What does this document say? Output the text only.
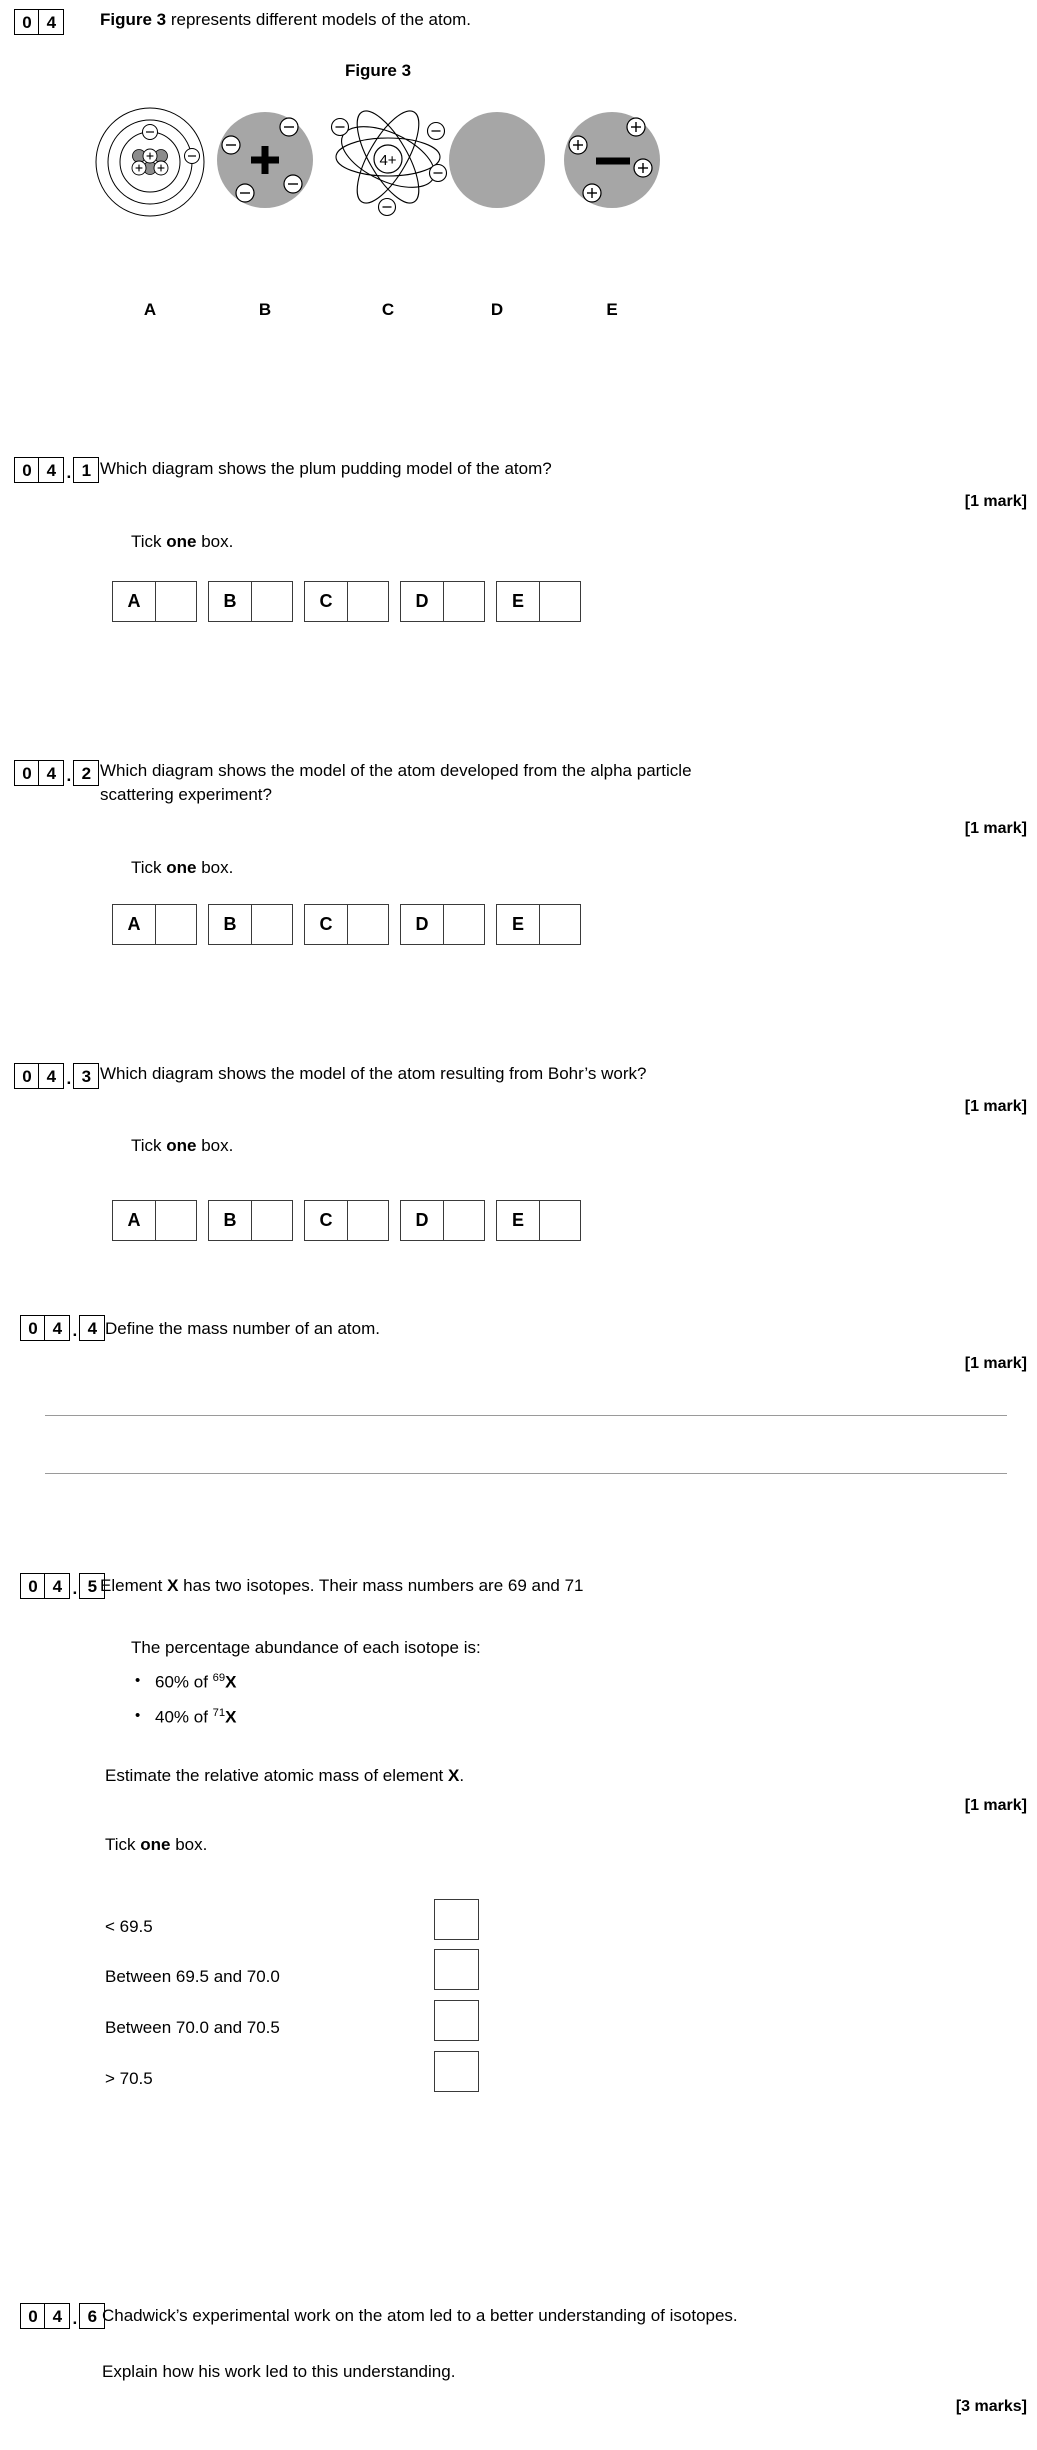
0 4	Figure 3 represents different models of the atom.
Figure 3
A	B
4+
C	D	E
0 4 . 1 Which diagram shows the plum pudding model of the atom?
[1 mark]
Tick one box.
A	B	C	D	E
0 4 . 2 Which diagram shows the model of the atom developed from the alpha particle
scattering experiment?
[1 mark]
Tick one box.
A	B	C	D	E
0 4 . 3 Which diagram shows the model of the atom resulting from Bohr’s work?
[1 mark]
Tick one box.
A	B	C	D	E
0 4 . 4 Define the mass number of an atom.
[1 mark]
0 4 . 5 Element X has two isotopes. Their mass numbers are 69 and 71
The percentage abundance of each isotope is:
• 60% of $^{69}$X
• 40% of $^{71}$X
Estimate the relative atomic mass of element X.
[1 mark]
Tick one box.
< 69.5
Between 69.5 and 70.0
Between 70.0 and 70.5
> 70.5
0 4 . 6 Chadwick’s experimental work on the atom led to a better understanding of isotopes.
Explain how his work led to this understanding.
[3 marks]
